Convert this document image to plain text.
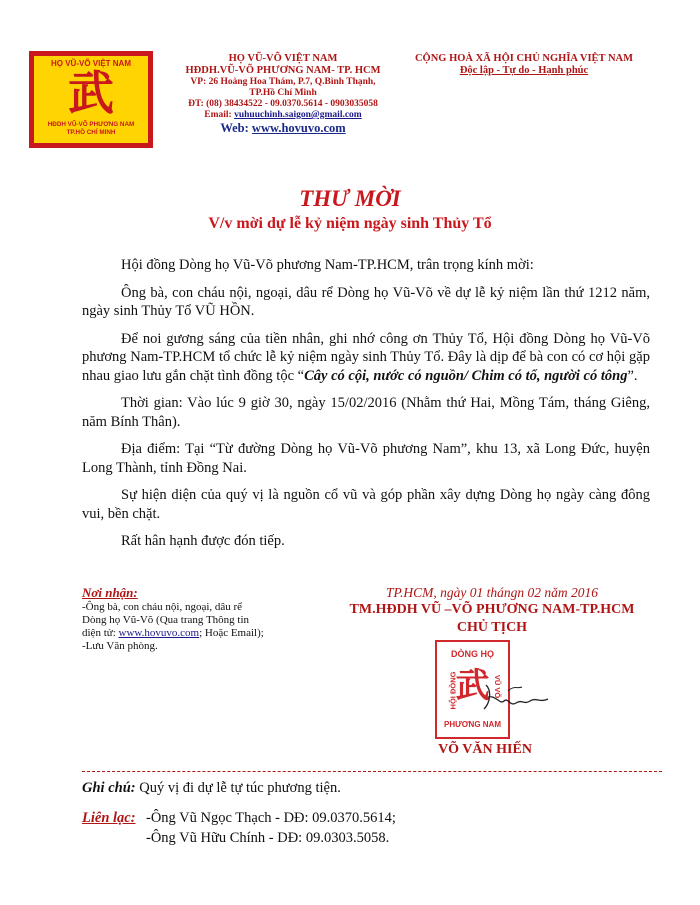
HỌ VŨ-VÕ VIỆT NAM
武
HĐDH VŨ-VÕ PHƯƠNG NAM
TP.HỒ CHÍ MINH
HỌ VŨ-VÕ VIỆT NAM
HĐDH.VŨ-VÕ PHƯƠNG NAM- TP. HCM
VP: 26 Hoàng Hoa Thám, P.7, Q.Bình Thạnh,
TP.Hồ Chí Minh
ĐT: (08) 38434522 - 09.0370.5614 - 0903035058
Email: vuhuuchinh.saigon@gmail.com
Web: www.hovuvo.com
CỘNG HOÀ XÃ HỘI CHỦ NGHĨA VIỆT NAM
Độc lập - Tự do - Hạnh phúc
THƯ MỜI
V/v mời dự lễ kỷ niệm ngày sinh Thủy Tổ

Hội đồng Dòng họ Vũ-Võ phương Nam-TP.HCM, trân trọng kính mời:

Ông bà, con cháu nội, ngoại, dâu rể Dòng họ Vũ-Võ về dự lễ kỷ niệm lần thứ 1212 năm, ngày sinh Thủy Tổ VŨ HỒN.

Để noi gương sáng của tiền nhân, ghi nhớ công ơn Thủy Tổ, Hội đồng Dòng họ Vũ-Võ phương Nam-TP.HCM tổ chức lễ kỷ niệm ngày sinh Thủy Tổ. Đây là dịp để bà con có cơ hội gặp nhau giao lưu gắn chặt tình đồng tộc “Cây có cội, nước có nguồn/ Chim có tổ, người có tông”.

Thời gian: Vào lúc 9 giờ 30, ngày 15/02/2016 (Nhằm thứ Hai, Mồng Tám, tháng Giêng, năm Bính Thân).

Địa điểm: Tại “Từ đường Dòng họ Vũ-Võ phương Nam”, khu 13, xã Long Đức, huyện Long Thành, tỉnh Đồng Nai.

Sự hiện diện của quý vị là nguồn cổ vũ và góp phần xây dựng Dòng họ ngày càng đông vui, bền chặt.

Rất hân hạnh được đón tiếp.

Nơi nhận:
-Ông bà, con cháu nội, ngoại, dâu rể
Dòng họ Vũ-Võ (Qua trang Thông tin
diện tử: www.hovuvo.com; Hoặc Email);
-Lưu Văn phòng.
TP.HCM, ngày 01 thángn 02 năm 2016
TM.HĐDH VŨ –VÕ PHƯƠNG NAM-TP.HCM
CHỦ TỊCH
DÒNG HỌ
HỘI ĐỒNG	VŨ VÕ
武
PHƯƠNG NAM
VÕ VĂN HIẾN
Ghi chú: Quý vị đi dự lễ tự túc phương tiện.
Liên lạc: -Ông Vũ Ngọc Thạch - DĐ: 09.0370.5614;
-Ông Vũ Hữu Chính - DĐ: 09.0303.5058.
